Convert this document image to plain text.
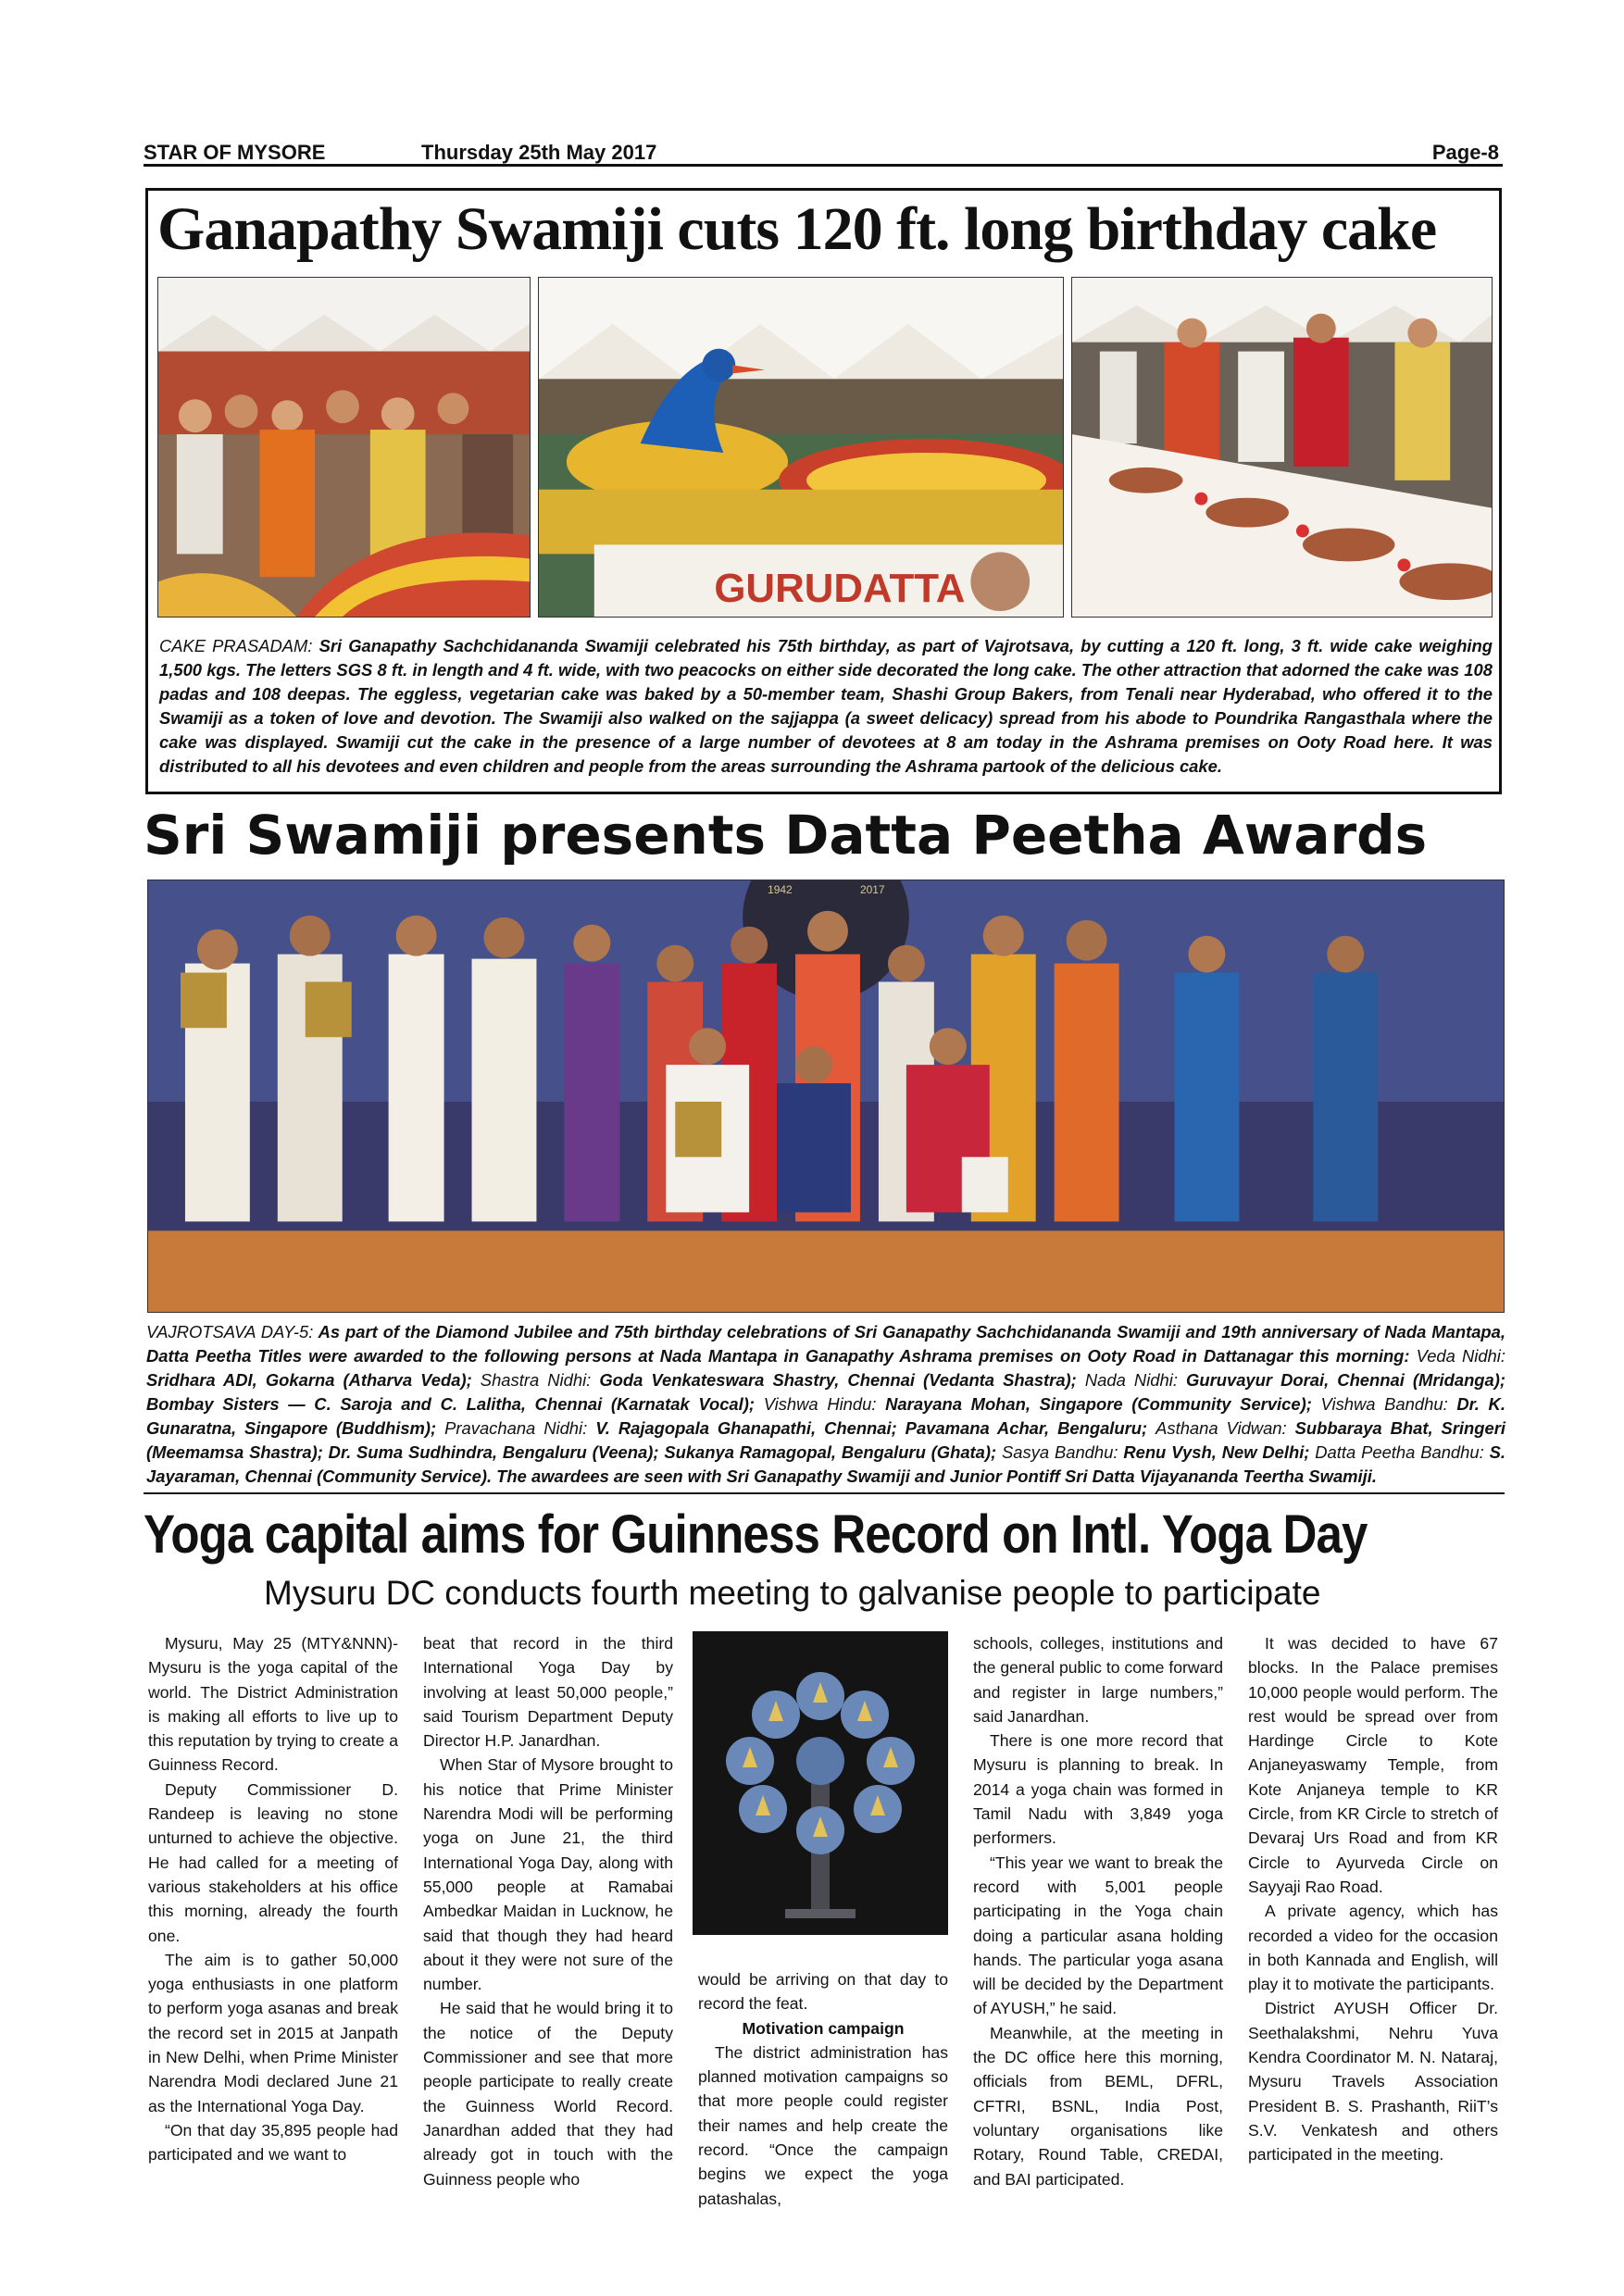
STAR OF MYSORE	Thursday 25th May 2017	Page-8
Ganapathy Swamiji cuts 120 ft. long birthday cake
GURUDATTA
CAKE PRASADAM: Sri Ganapathy Sachchidananda Swamiji celebrated his 75th birthday, as part of Vajrotsava, by cutting a 120 ft. long, 3 ft. wide cake weighing 1,500 kgs. The letters SGS 8 ft. in length and 4 ft. wide, with two peacocks on either side decorated the long cake. The other attraction that adorned the cake was 108 padas and 108 deepas. The eggless, vegetarian cake was baked by a 50-member team, Shashi Group Bakers, from Tenali near Hyderabad, who offered it to the Swamiji as a token of love and devotion. The Swamiji also walked on the sajjappa (a sweet delicacy) spread from his abode to Poundrika Rangasthala where the cake was displayed. Swamiji cut the cake in the presence of a large number of devotees at 8 am today in the Ashrama premises on Ooty Road here. It was distributed to all his devotees and even children and people from the areas surrounding the Ashrama partook of the delicious cake.
Sri Swamiji presents Datta Peetha Awards
1942	2017
VAJROTSAVA DAY-5: As part of the Diamond Jubilee and 75th birthday celebrations of Sri Ganapathy Sachchidananda Swamiji and 19th anniversary of Nada Mantapa, Datta Peetha Titles were awarded to the following persons at Nada Mantapa in Ganapathy Ashrama premises on Ooty Road in Dattanagar this morning: Veda Nidhi: Sridhara ADI, Gokarna (Atharva Veda); Shastra Nidhi: Goda Venkateswara Shastry, Chennai (Vedanta Shastra); Nada Nidhi: Guruvayur Dorai, Chennai (Mridanga); Bombay Sisters — C. Saroja and C. Lalitha, Chennai (Karnatak Vocal); Vishwa Hindu: Narayana Mohan, Singapore (Community Service); Vishwa Bandhu: Dr. K. Gunaratna, Singapore (Buddhism); Pravachana Nidhi: V. Rajagopala Ghanapathi, Chennai; Pavamana Achar, Bengaluru; Asthana Vidwan: Subbaraya Bhat, Sringeri (Meemamsa Shastra); Dr. Suma Sudhindra, Bengaluru (Veena); Sukanya Ramagopal, Bengaluru (Ghata); Sasya Bandhu: Renu Vysh, New Delhi; Datta Peetha Bandhu: S. Jayaraman, Chennai (Community Service). The awardees are seen with Sri Ganapathy Swamiji and Junior Pontiff Sri Datta Vijayananda Teertha Swamiji.
Yoga capital aims for Guinness Record on Intl. Yoga Day
Mysuru DC conducts fourth meeting to galvanise people to participate

Mysuru, May 25 (MTY&NNN)- Mysuru is the yoga capital of the world. The District Administration is making all efforts to live up to this reputation by trying to create a Guinness Record.

Deputy Commissioner D. Randeep is leaving no stone unturned to achieve the objective. He had called for a meeting of various stakeholders at his office this morning, already the fourth one.

The aim is to gather 50,000 yoga enthusiasts in one platform to perform yoga asanas and break the record set in 2015 at Janpath in New Delhi, when Prime Minister Narendra Modi declared June 21 as the International Yoga Day.

“On that day 35,895 people had participated and we want to

beat that record in the third International Yoga Day by involving at least 50,000 people,” said Tourism Department Deputy Director H.P. Janardhan.

When Star of Mysore brought to his notice that Prime Minister Narendra Modi will be performing yoga on June 21, the third International Yoga Day, along with 55,000 people at Ramabai Ambedkar Maidan in Lucknow, he said that though they had heard about it they were not sure of the number.

He said that he would bring it to the notice of the Deputy Commissioner and see that more people participate to really create the Guinness World Record. Janardhan added that they had already got in touch with the Guinness people who

would be arriving on that day to record the feat.

Motivation campaign

The district administration has planned motivation campaigns so that more people could register their names and help create the record. “Once the campaign begins we expect the yoga patashalas,

schools, colleges, institutions and the general public to come forward and register in large numbers,” said Janardhan.

There is one more record that Mysuru is planning to break. In 2014 a yoga chain was formed in Tamil Nadu with 3,849 yoga performers.

“This year we want to break the record with 5,001 people participating in the Yoga chain doing a particular asana holding hands. The particular yoga asana will be decided by the Department of AYUSH,” he said.

Meanwhile, at the meeting in the DC office here this morning, officials from BEML, DFRL, CFTRI, BSNL, India Post, voluntary organisations like Rotary, Round Table, CREDAI, and BAI participated.

It was decided to have 67 blocks. In the Palace premises 10,000 people would perform. The rest would be spread over from Hardinge Circle to Kote Anjaneyaswamy Temple, from Kote Anjaneya temple to KR Circle, from KR Circle to stretch of Devaraj Urs Road and from KR Circle to Ayurveda Circle on Sayyaji Rao Road.

A private agency, which has recorded a video for the occasion in both Kannada and English, will play it to motivate the participants.

District AYUSH Officer Dr. Seethalakshmi, Nehru Yuva Kendra Coordinator M. N. Nataraj, Mysuru Travels Association President B. S. Prashanth, RiiT’s S.V. Venkatesh and others participated in the meeting.
